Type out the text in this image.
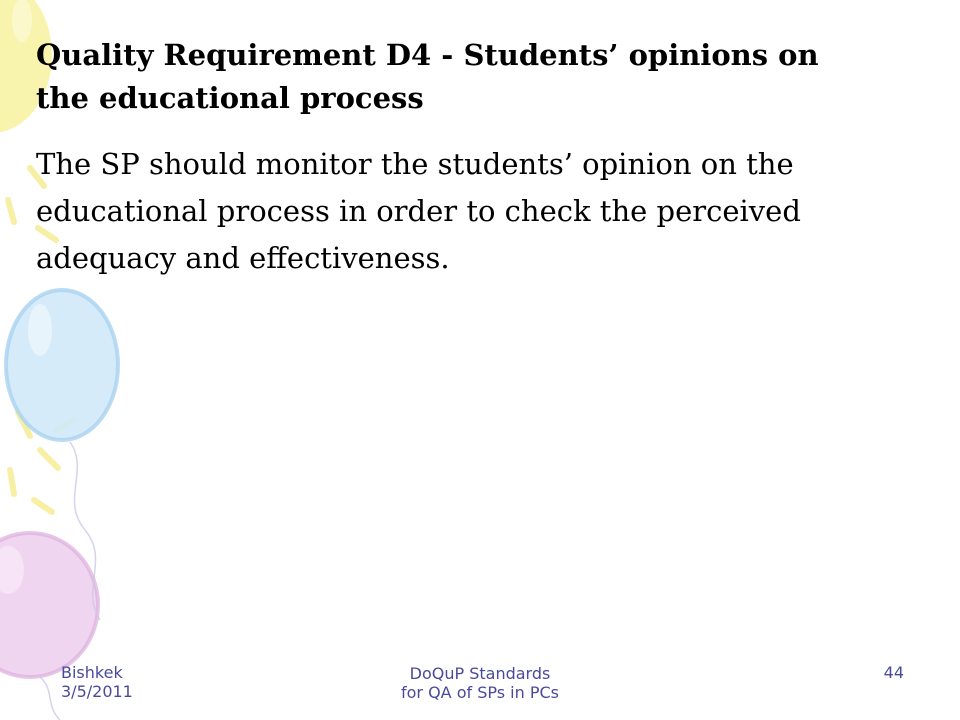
Quality Requirement D4 - Students’ opinions on
the educational process

The SP should monitor the students’ opinion on the
educational process in order to check the perceived
adequacy and effectiveness.

Bishkek
3/5/2011
DoQuP Standards
for QA of SPs in PCs
44
